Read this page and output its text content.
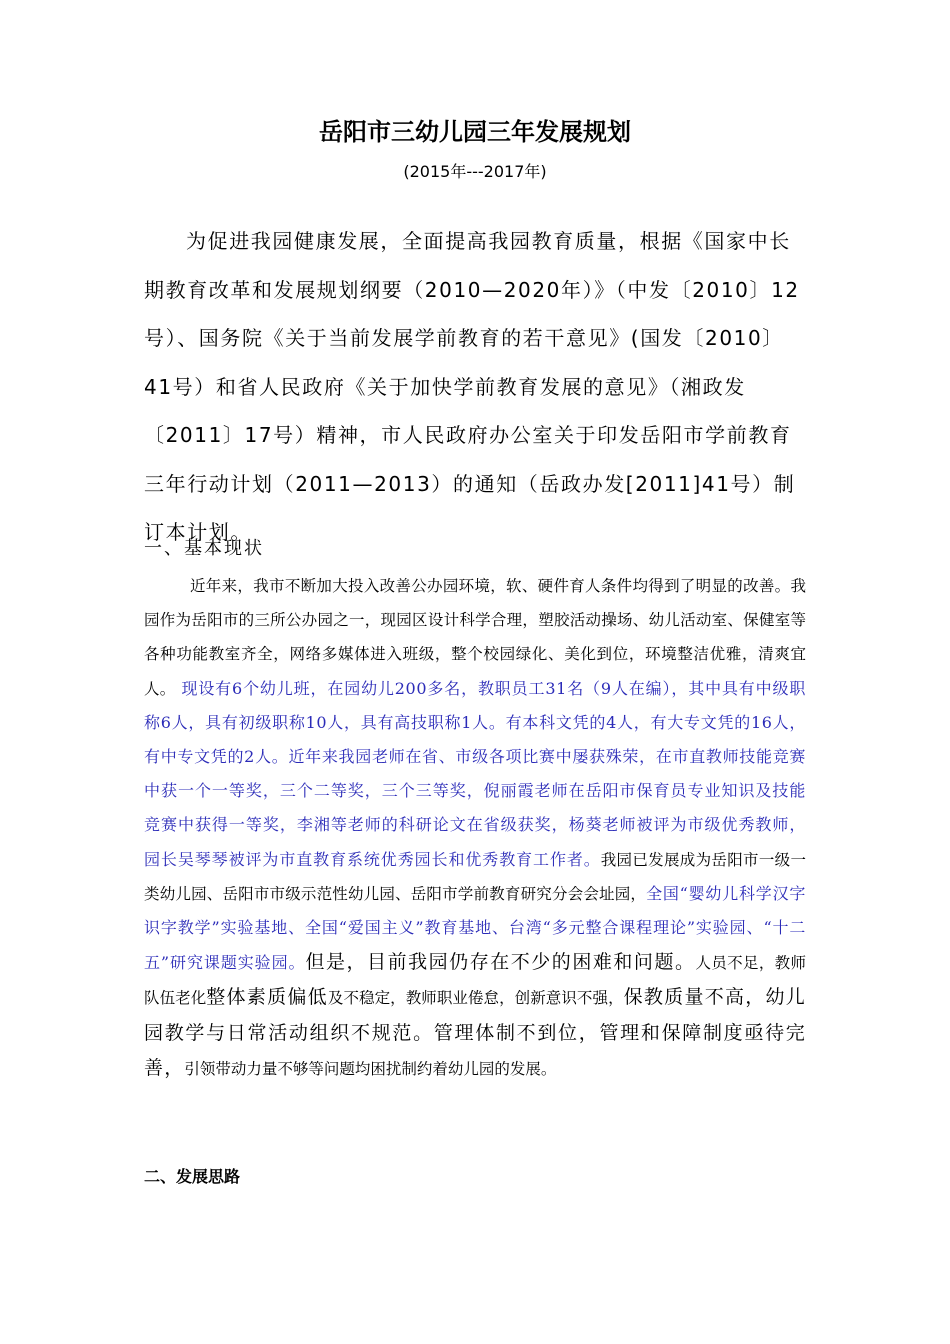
岳阳市三幼儿园三年发展规划
(2015年---2017年)
为促进我园健康发展，全面提高我园教育质量，根据《国家中长期教育改革和发展规划纲要（2010—2020年）》（中发〔2010〕12号）、国务院《关于当前发展学前教育的若干意见》(国发〔2010〕41号）和省人民政府《关于加快学前教育发展的意见》（湘政发〔2011〕17号）精神，市人民政府办公室关于印发岳阳市学前教育三年行动计划（2011—2013）的通知（岳政办发[2011]41号）制订本计划。
一、基本现状
近年来，我市不断加大投入改善公办园环境，软、硬件育人条件均得到了明显的改善。我园作为岳阳市的三所公办园之一，现园区设计科学合理，塑胶活动操场、幼儿活动室、保健室等各种功能教室齐全，网络多媒体进入班级，整个校园绿化、美化到位，环境整洁优雅，清爽宜人。 现设有6个幼儿班，在园幼儿200多名，教职员工31名（9人在编），其中具有中级职称6人，具有初级职称10人，具有高技职称1人。有本科文凭的4人，有大专文凭的16人，有中专文凭的2人。近年来我园老师在省、市级各项比赛中屡获殊荣，在市直教师技能竞赛中获一个一等奖，三个二等奖，三个三等奖，倪丽霞老师在岳阳市保育员专业知识及技能竞赛中获得一等奖，李湘等老师的科研论文在省级获奖，杨葵老师被评为市级优秀教师，园长吴琴琴被评为市直教育系统优秀园长和优秀教育工作者。我园已发展成为岳阳市一级一类幼儿园、岳阳市市级示范性幼儿园、岳阳市学前教育研究分会会址园，全国“婴幼儿科学汉字识字教学”实验基地、全国“爱国主义”教育基地、台湾“多元整合课程理论”实验园、“十二五”研究课题实验园。但是，目前我园仍存在不少的困难和问题。人员不足，教师队伍老化整体素质偏低及不稳定，教师职业倦怠，创新意识不强，保教质量不高，幼儿园教学与日常活动组织不规范。管理体制不到位，管理和保障制度亟待完善，引领带动力量不够等问题均困扰制约着幼儿园的发展。
二、发展思路
